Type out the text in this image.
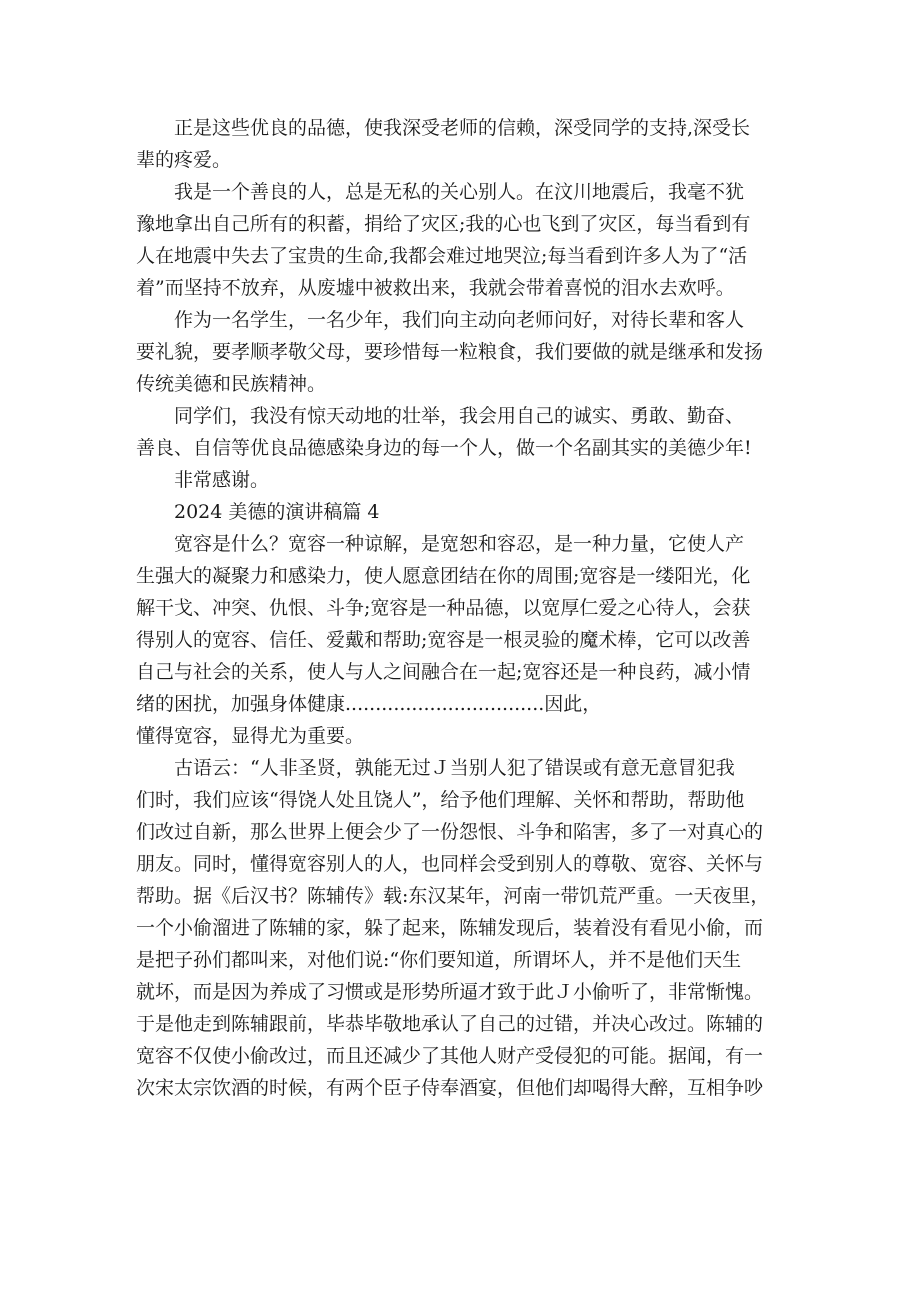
正是这些优良的品德，使我深受老师的信赖，深受同学的支持,深受长
辈的疼爱。
我是一个善良的人，总是无私的关心别人。在汶川地震后，我毫不犹
豫地拿出自己所有的积蓄，捐给了灾区;我的心也飞到了灾区，每当看到有
人在地震中失去了宝贵的生命,我都会难过地哭泣;每当看到许多人为了“活
着”而坚持不放弃，从废墟中被救出来，我就会带着喜悦的泪水去欢呼。
作为一名学生，一名少年，我们向主动向老师问好，对待长辈和客人
要礼貌，要孝顺孝敬父母，要珍惜每一粒粮食，我们要做的就是继承和发扬
传统美德和民族精神。
同学们，我没有惊天动地的壮举，我会用自己的诚实、勇敢、勤奋、
善良、自信等优良品德感染身边的每一个人，做一个名副其实的美德少年!
非常感谢。
2024 美德的演讲稿篇 4
宽容是什么？宽容一种谅解，是宽恕和容忍，是一种力量，它使人产
生强大的凝聚力和感染力，使人愿意团结在你的周围;宽容是一缕阳光，化
解干戈、冲突、仇恨、斗争;宽容是一种品德，以宽厚仁爱之心待人，会获
得别人的宽容、信任、爱戴和帮助;宽容是一根灵验的魔术棒，它可以改善
自己与社会的关系，使人与人之间融合在一起;宽容还是一种良药，减小情
绪的困扰，加强身体健康.................................因此，
懂得宽容，显得尤为重要。
古语云：“人非圣贤，孰能无过Ｊ当别人犯了错误或有意无意冒犯我
们时，我们应该“得饶人处且饶人”，给予他们理解、关怀和帮助，帮助他
们改过自新，那么世界上便会少了一份怨恨、斗争和陷害，多了一对真心的
朋友。同时，懂得宽容别人的人，也同样会受到别人的尊敬、宽容、关怀与
帮助。据《后汉书？陈辅传》载:东汉某年，河南一带饥荒严重。一天夜里，
一个小偷溜进了陈辅的家，躲了起来，陈辅发现后，装着没有看见小偷，而
是把子孙们都叫来，对他们说:“你们要知道，所谓坏人，并不是他们天生
就坏，而是因为养成了习惯或是形势所逼才致于此Ｊ小偷听了，非常惭愧。
于是他走到陈辅跟前，毕恭毕敬地承认了自己的过错，并决心改过。陈辅的
宽容不仅使小偷改过，而且还减少了其他人财产受侵犯的可能。据闻，有一
次宋太宗饮酒的时候，有两个臣子侍奉酒宴，但他们却喝得大醉，互相争吵
